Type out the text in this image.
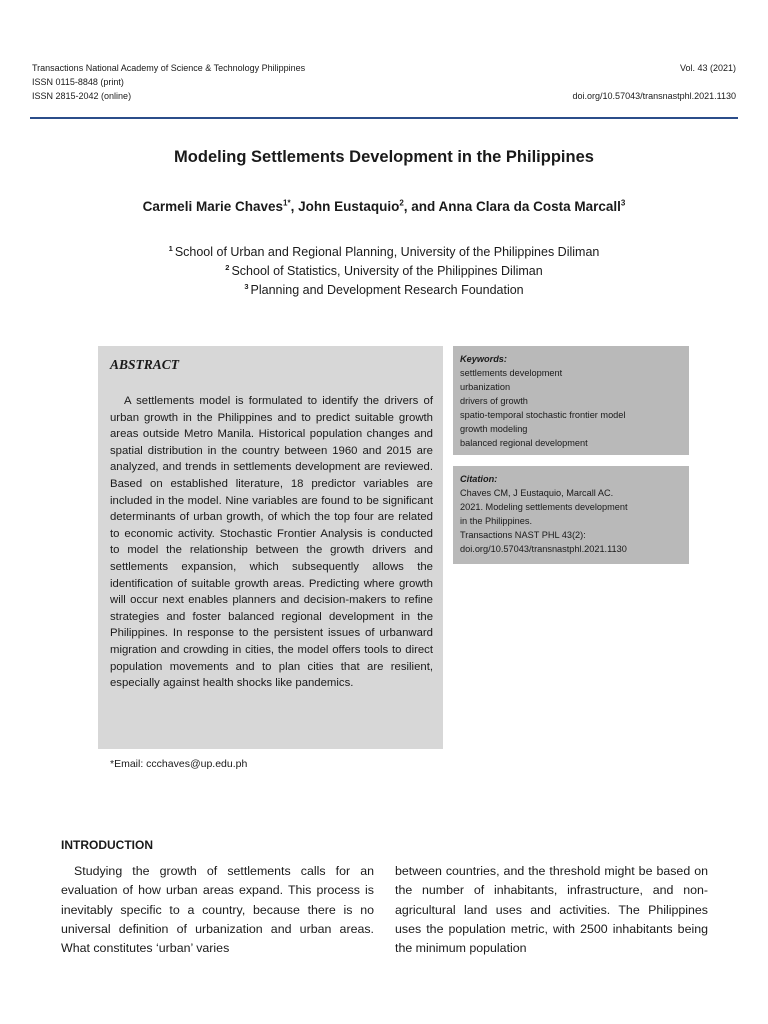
Transactions National Academy of Science & Technology Philippines
ISSN 0115-8848 (print)
ISSN 2815-2042 (online)
Vol. 43 (2021)
doi.org/10.57043/transnastphl.2021.1130
Modeling Settlements Development in the Philippines
Carmeli Marie Chaves$^{1*}$, John Eustaquio$^2$, and Anna Clara da Costa Marcall$^3$
$^1$ School of Urban and Regional Planning, University of the Philippines Diliman
$^2$ School of Statistics, University of the Philippines Diliman
$^3$ Planning and Development Research Foundation
ABSTRACT

A settlements model is formulated to identify the drivers of urban growth in the Philippines and to predict suitable growth areas outside Metro Manila. Historical population changes and spatial distribution in the country between 1960 and 2015 are analyzed, and trends in settlements development are reviewed. Based on established literature, 18 predictor variables are included in the model. Nine variables are found to be significant determinants of urban growth, of which the top four are related to economic activity. Stochastic Frontier Analysis is conducted to model the relationship between the growth drivers and settlements expansion, which subsequently allows the identification of suitable growth areas. Predicting where growth will occur next enables planners and decision-makers to refine strategies and foster balanced regional development in the Philippines. In response to the persistent issues of urbanward migration and crowding in cities, the model offers tools to direct population movements and to plan cities that are resilient, especially against health shocks like pandemics.

Keywords:
settlements development
urbanization
drivers of growth
spatio-temporal stochastic frontier model
growth modeling
balanced regional development
Citation:
Chaves CM, J Eustaquio, Marcall AC.
2021. Modeling settlements development
in the Philippines.
Transactions NAST PHL 43(2):
doi.org/10.57043/transnastphl.2021.1130
*Email: ccchaves@up.edu.ph
INTRODUCTION

Studying the growth of settlements calls for an evaluation of how urban areas expand. This process is inevitably specific to a country, because there is no universal definition of urbanization and urban areas. What constitutes ‘urban’ varies

between countries, and the threshold might be based on the number of inhabitants, infrastructure, and non-agricultural land uses and activities. The Philippines uses the population metric, with 2500 inhabitants being the minimum population
